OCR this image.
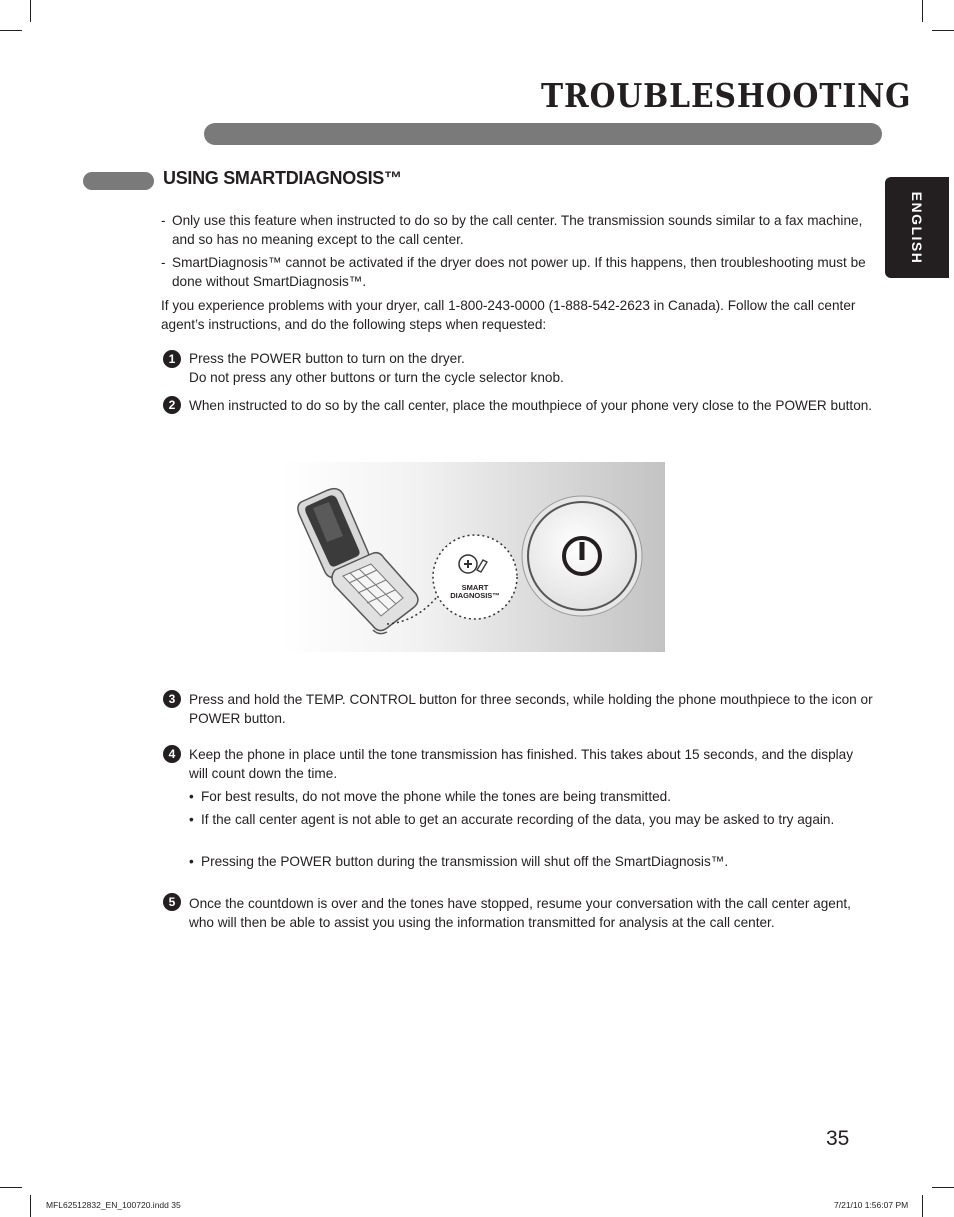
TROUBLESHOOTING
ENGLISH
USING SMARTDIAGNOSIS™
- Only use this feature when instructed to do so by the call center. The transmission sounds similar to a fax machine, and so has no meaning except to the call center.
- SmartDiagnosis™ cannot be activated if the dryer does not power up. If this happens, then troubleshooting must be done without SmartDiagnosis™.
If you experience problems with your dryer, call 1-800-243-0000 (1-888-542-2623 in Canada). Follow the call center agent’s instructions, and do the following steps when requested:
1	Press the POWER button to turn on the dryer.
Do not press any other buttons or turn the cycle selector knob.
2	When instructed to do so by the call center, place the mouthpiece of your phone very close to the POWER button.
SMART
DIAGNOSIS™
3	Press and hold the TEMP. CONTROL button for three seconds, while holding the phone mouthpiece to the icon or POWER button.
4	Keep the phone in place until the tone transmission has finished. This takes about 15 seconds, and the display will count down the time.
• For best results, do not move the phone while the tones are being transmitted.
• If the call center agent is not able to get an accurate recording of the data, you may be asked to try again.
• Pressing the POWER button during the transmission will shut off the SmartDiagnosis™.
5	Once the countdown is over and the tones have stopped, resume your conversation with the call center agent, who will then be able to assist you using the information transmitted for analysis at the call center.
35
MFL62512832_EN_100720.indd 35	7/21/10 1:56:07 PM
